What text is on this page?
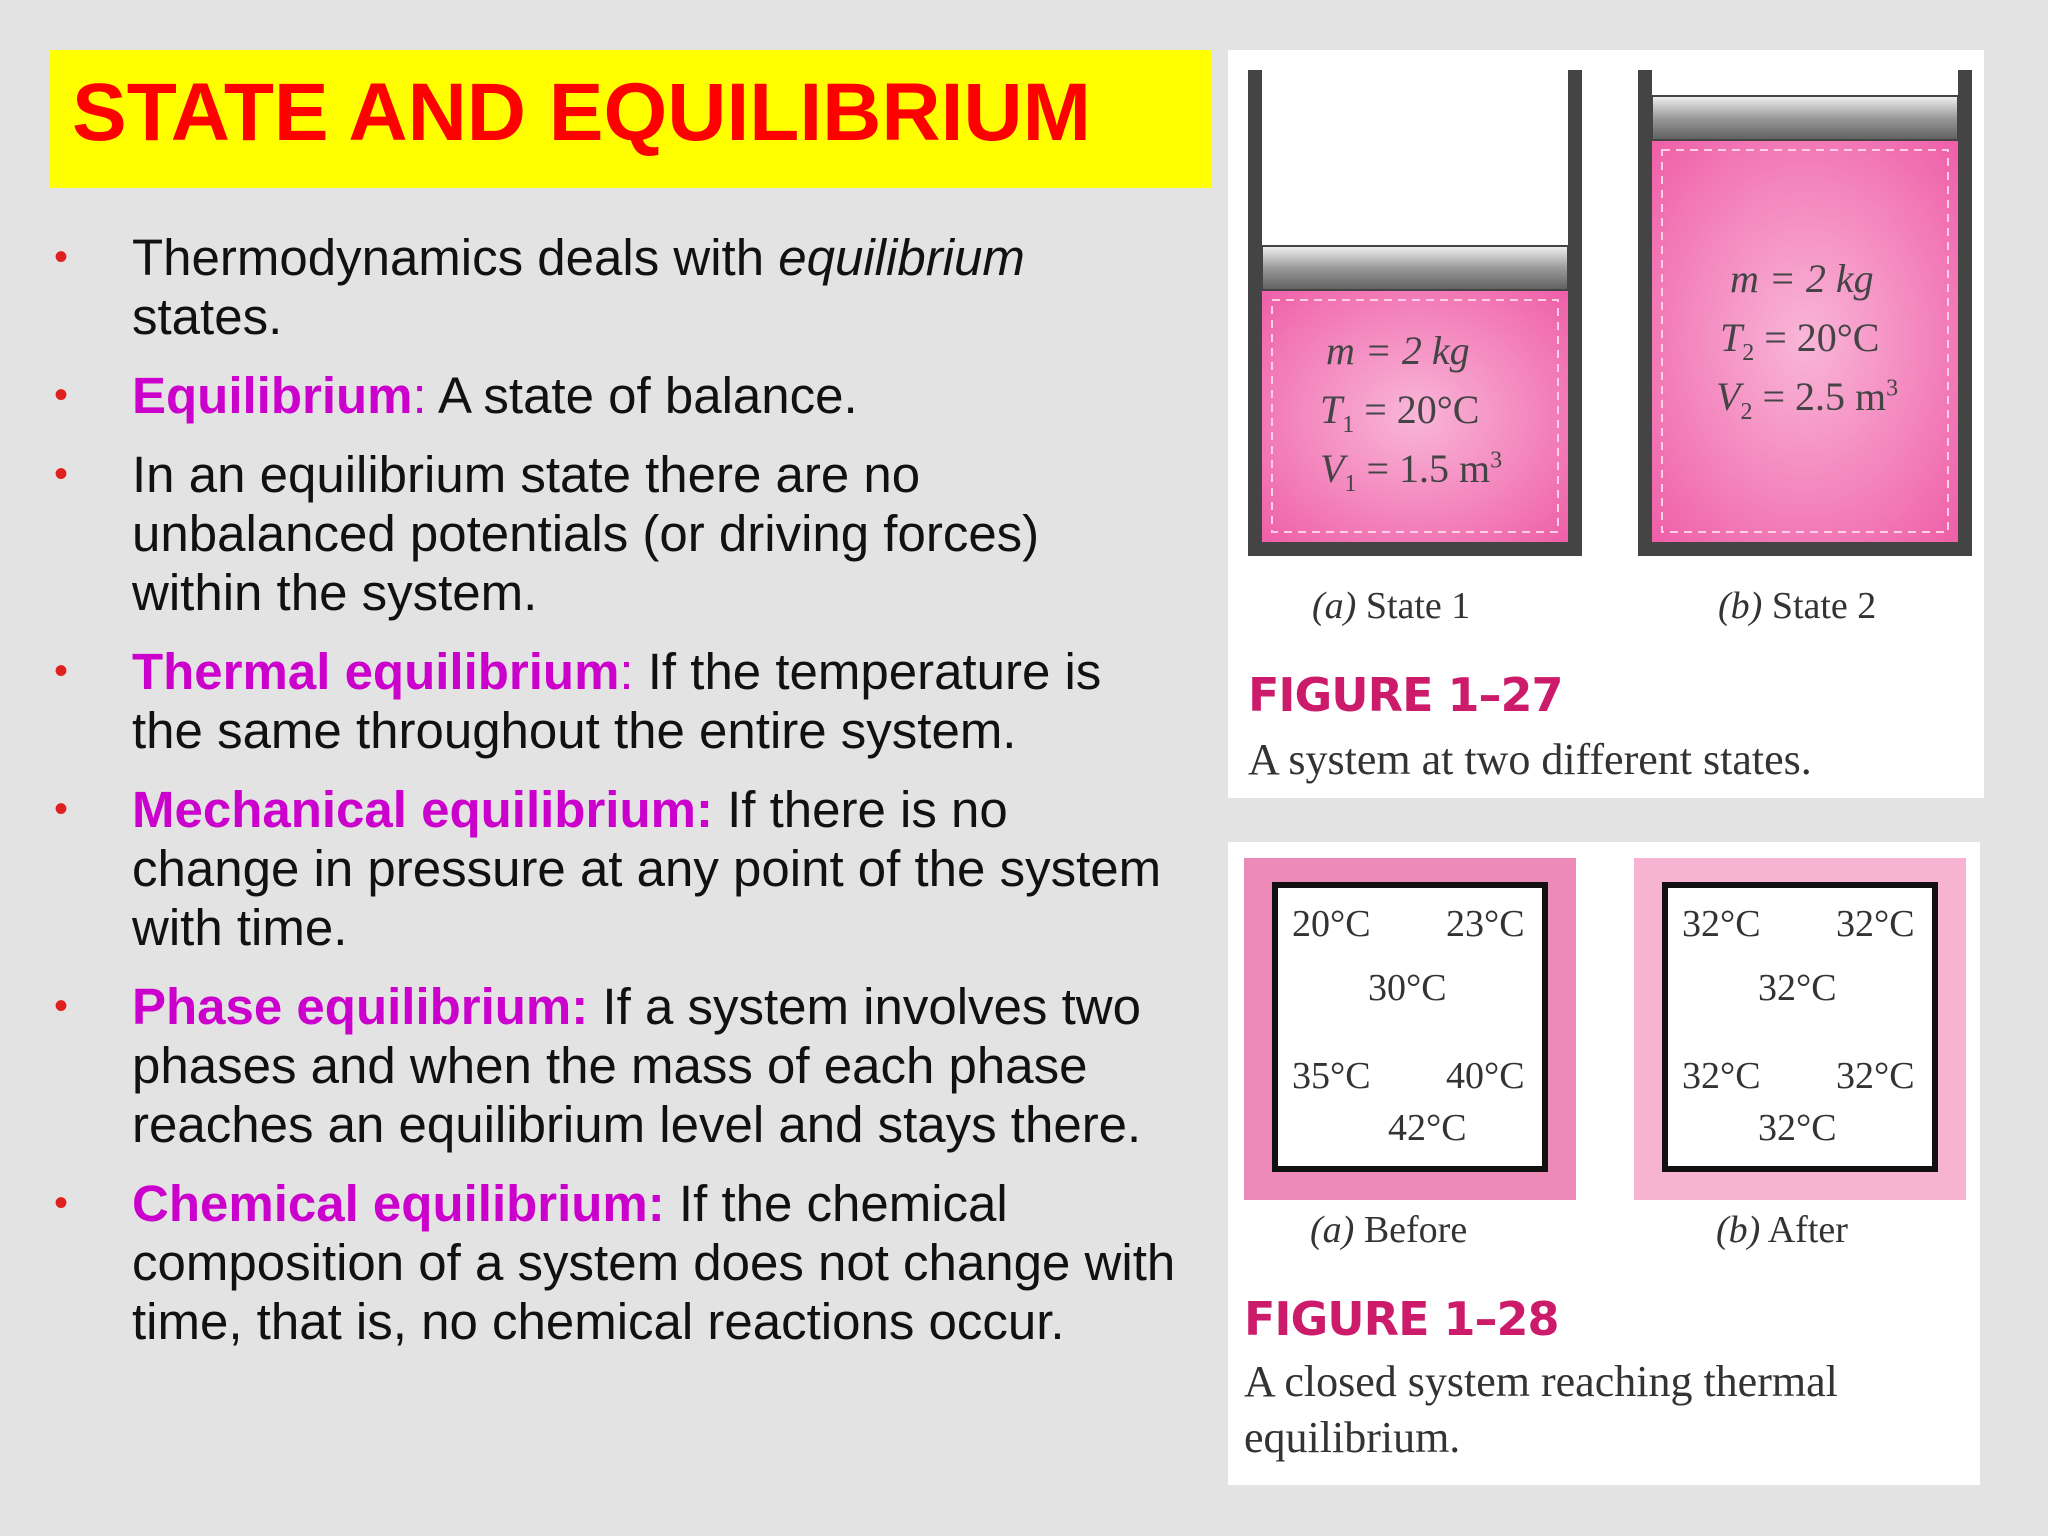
STATE AND EQUILIBRIUM
• Thermodynamics deals with equilibrium states.
• Equilibrium: A state of balance.
• In an equilibrium state there are no unbalanced potentials (or driving forces) within the system.
• Thermal equilibrium: If the temperature is the same throughout the entire system.
• Mechanical equilibrium: If there is no change in pressure at any point of the system with time.
• Phase equilibrium: If a system involves two phases and when the mass of each phase reaches an equilibrium level and stays there.
• Chemical equilibrium: If the chemical composition of a system does not change with time, that is, no chemical reactions occur.
m = 2 kg
$T_1 = 20^\circ C$
$V_1 = 1.5$ $m^3$
m = 2 kg
$T_2 = 20^\circ C$
$V_2 = 2.5$ $m^3$
(a) State 1	(b) State 2
FIGURE 1–27
A system at two different states.
20°C 23°C
30°C
35°C 40°C
42°C
32°C 32°C
32°C
32°C 32°C
32°C
(a) Before	(b) After
FIGURE 1–28
A closed system reaching thermal
equilibrium.
